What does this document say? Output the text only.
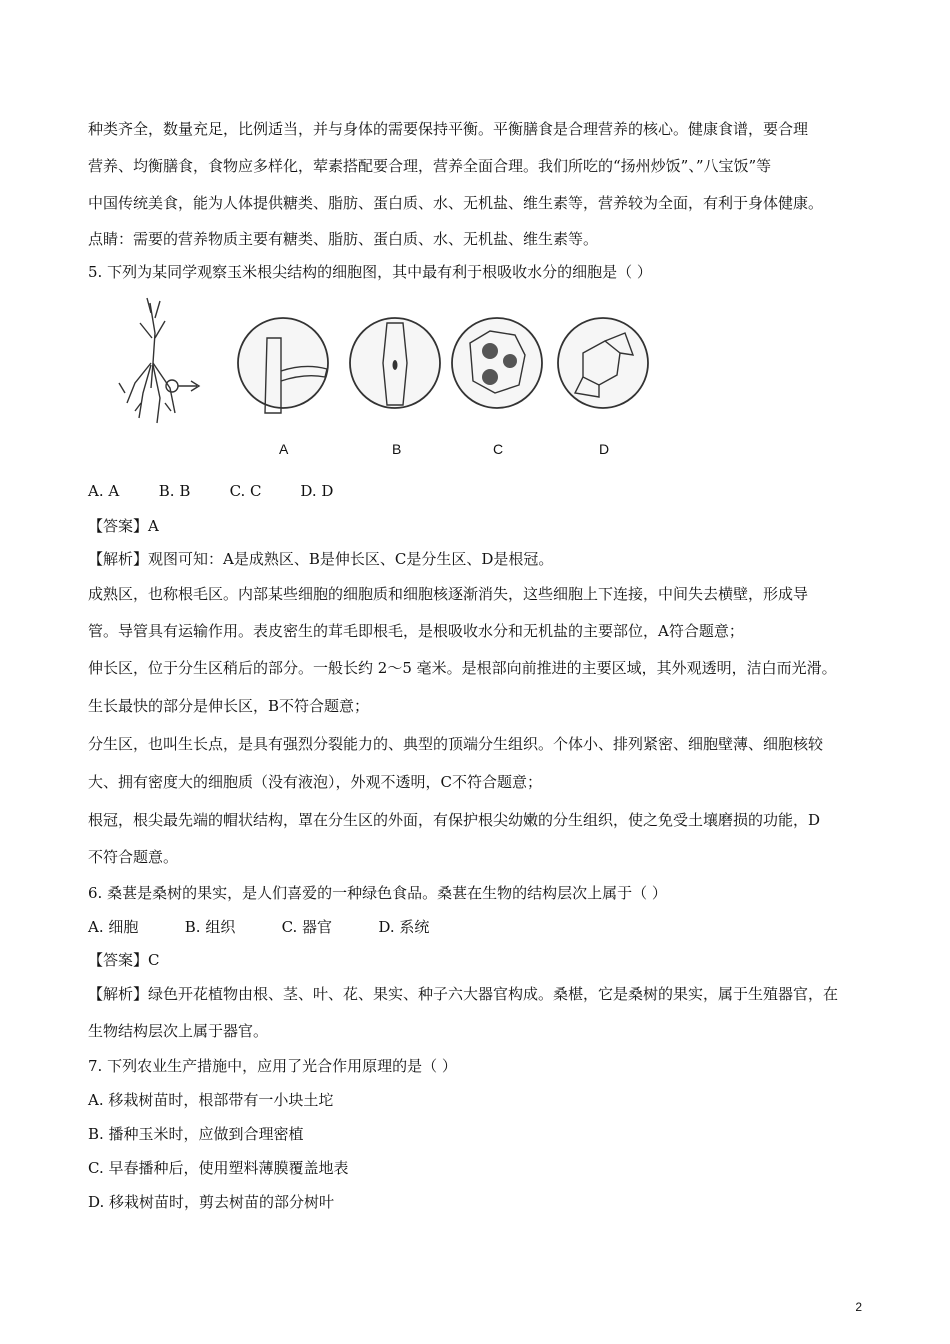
种类齐全，数量充足，比例适当，并与身体的需要保持平衡。平衡膳食是合理营养的核心。健康食谱，要合理
营养、均衡膳食，食物应多样化，荤素搭配要合理，营养全面合理。我们所吃的“扬州炒饭”、”八宝饭”等
中国传统美食，能为人体提供糖类、脂肪、蛋白质、水、无机盐、维生素等，营养较为全面，有利于身体健康。
点睛：需要的营养物质主要有糖类、脂肪、蛋白质、水、无机盐、维生素等。
5. 下列为某同学观察玉米根尖结构的细胞图，其中最有利于根吸收水分的细胞是（ ）
A	B	C	D
A. A	B. B	C. C	D. D
【答案】A
【解析】观图可知：A是成熟区、B是伸长区、C是分生区、D是根冠。
成熟区，也称根毛区。内部某些细胞的细胞质和细胞核逐渐消失，这些细胞上下连接，中间失去横壁，形成导
管。导管具有运输作用。表皮密生的茸毛即根毛，是根吸收水分和无机盐的主要部位，A符合题意；
伸长区，位于分生区稍后的部分。一般长约 2～5 毫米。是根部向前推进的主要区域，其外观透明，洁白而光滑。
生长最快的部分是伸长区，B不符合题意；
分生区，也叫生长点，是具有强烈分裂能力的、典型的顶端分生组织。个体小、排列紧密、细胞壁薄、细胞核较
大、拥有密度大的细胞质（没有液泡），外观不透明，C不符合题意；
根冠，根尖最先端的帽状结构，罩在分生区的外面，有保护根尖幼嫩的分生组织，使之免受土壤磨损的功能，D
不符合题意。
6. 桑葚是桑树的果实，是人们喜爱的一种绿色食品。桑葚在生物的结构层次上属于（ ）
A. 细胞	B. 组织	C. 器官	D. 系统
【答案】C
【解析】绿色开花植物由根、茎、叶、花、果实、种子六大器官构成。桑椹，它是桑树的果实，属于生殖器官，在
生物结构层次上属于器官。
7. 下列农业生产措施中，应用了光合作用原理的是（ ）
A. 移栽树苗时，根部带有一小块土坨
B. 播种玉米时，应做到合理密植
C. 早春播种后，使用塑料薄膜覆盖地表
D. 移栽树苗时，剪去树苗的部分树叶
2
